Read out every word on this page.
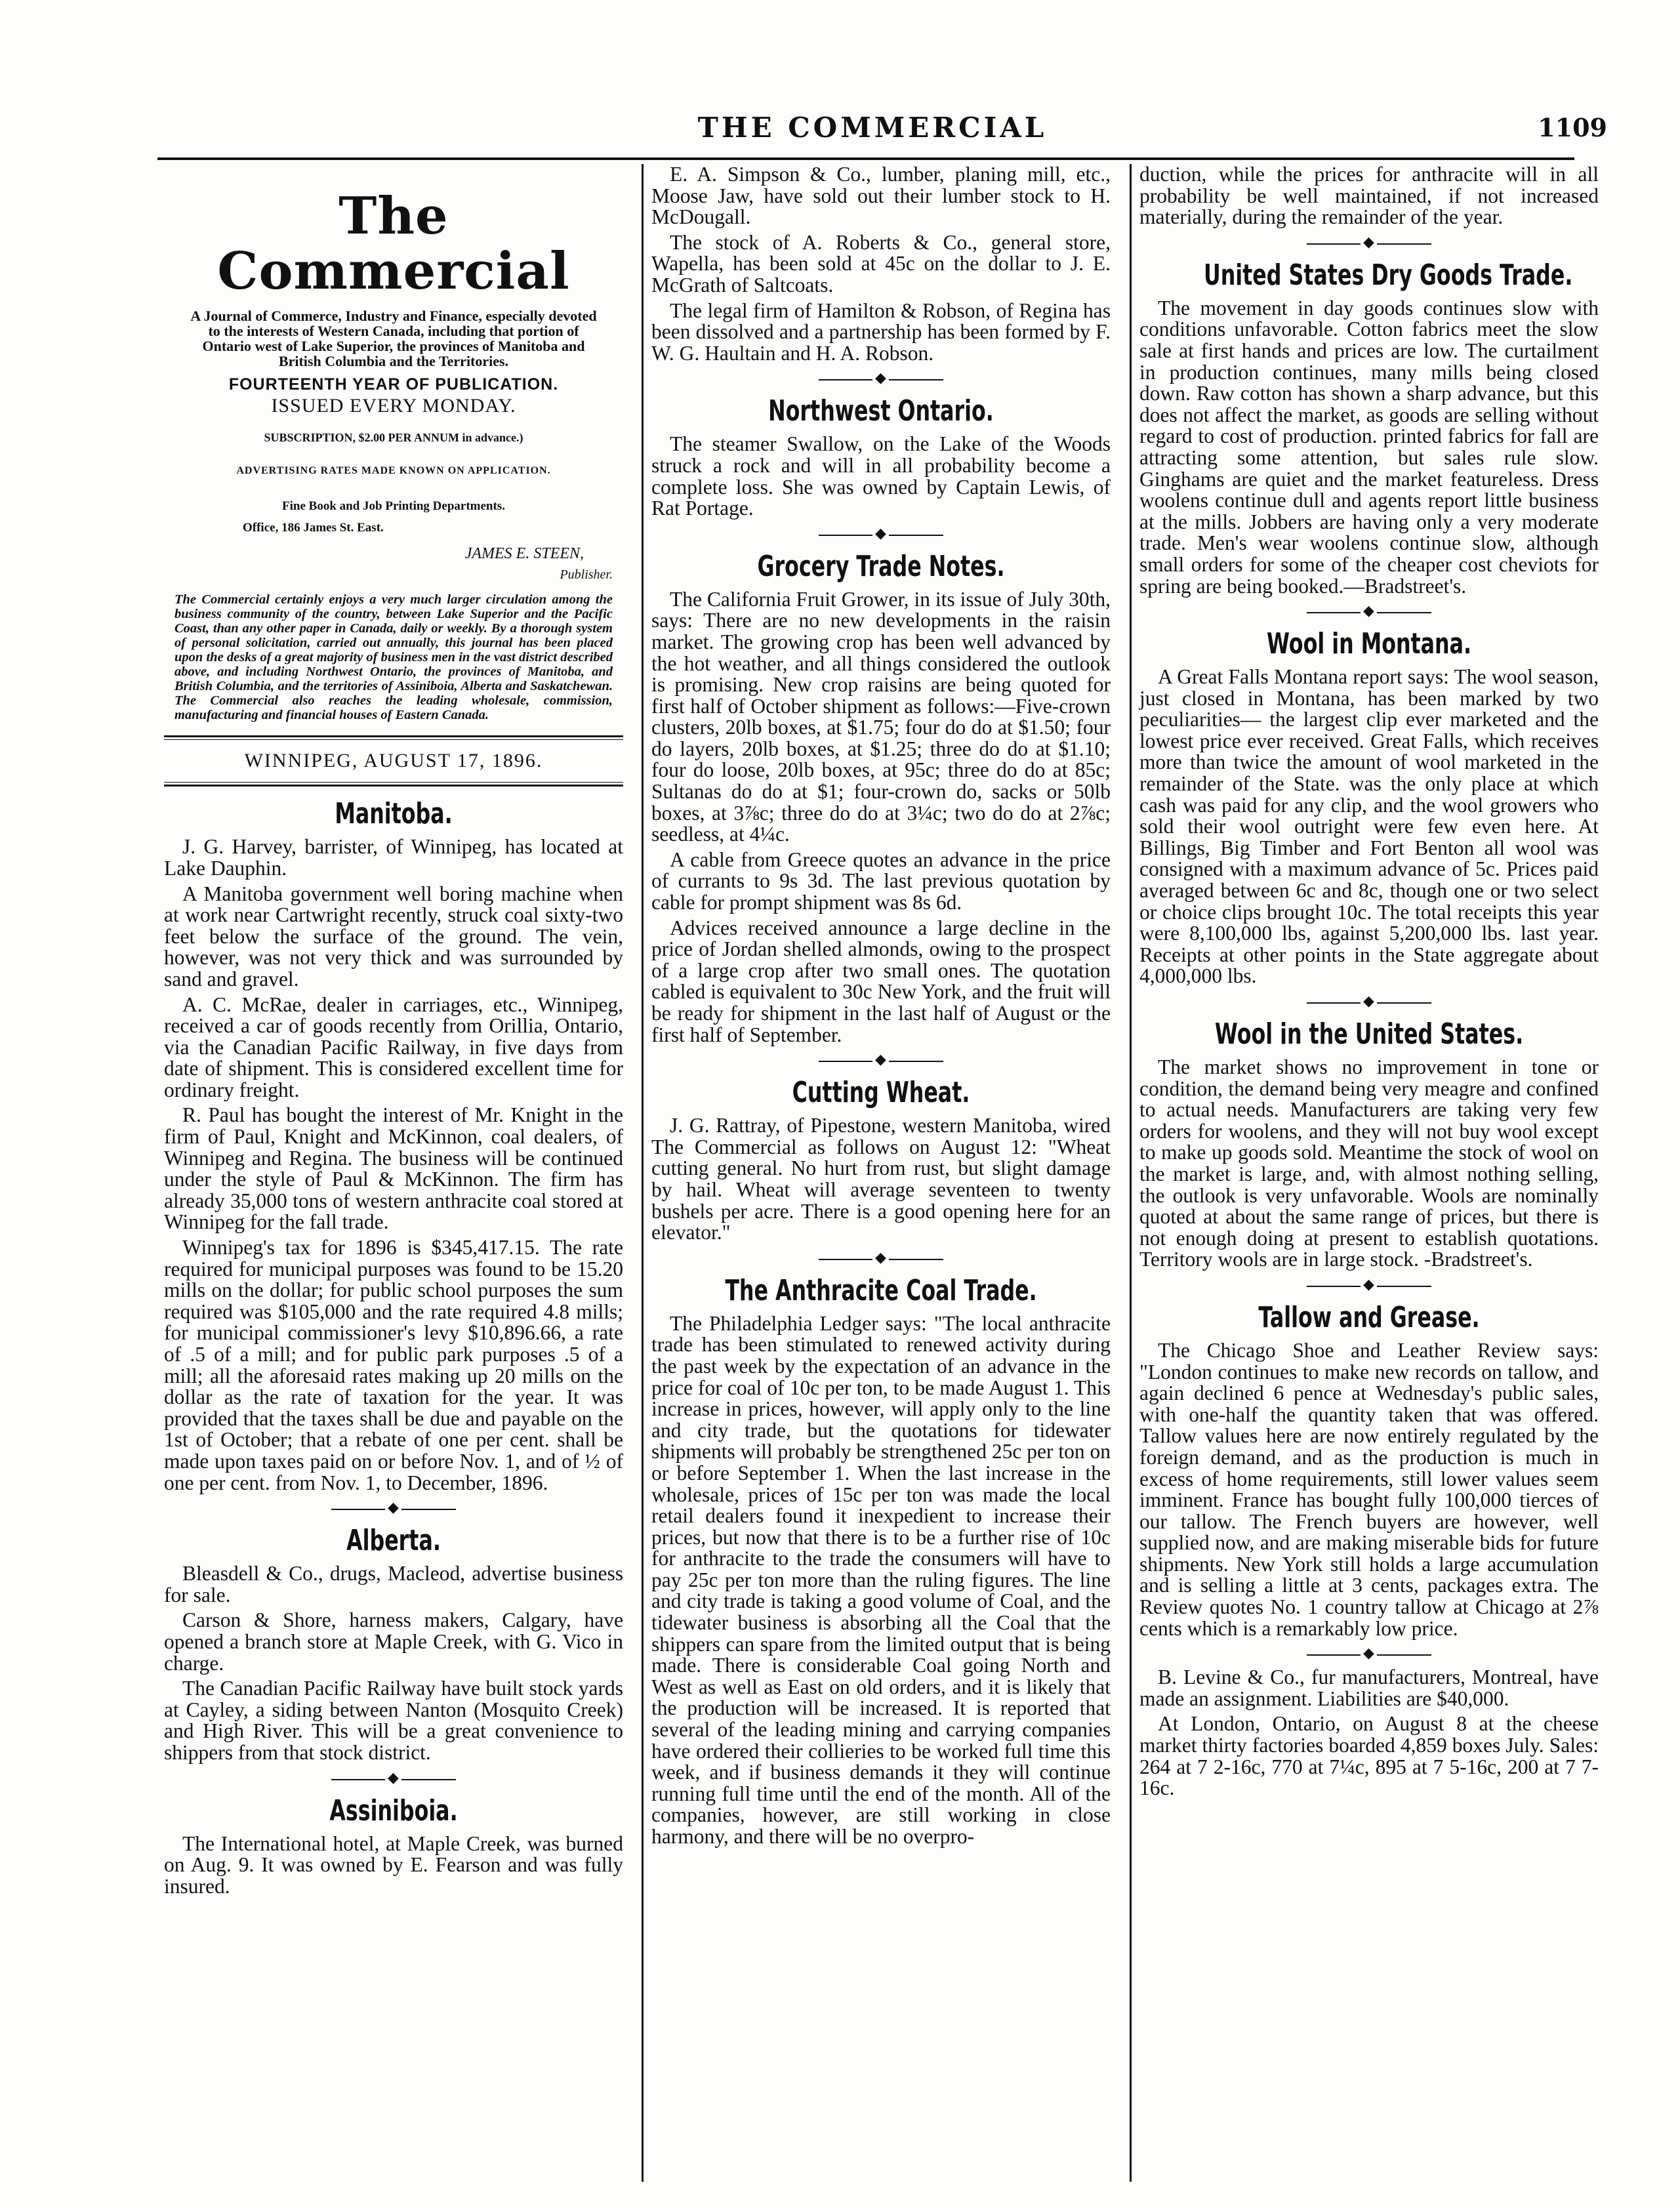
THE COMMERCIAL	1109
The Commercial
A Journal of Commerce, Industry and Finance, especially devoted to the interests of Western Canada, including that portion of Ontario west of Lake Superior, the provinces of Manitoba and British Columbia and the Territories.
FOURTEENTH YEAR OF PUBLICATION.
ISSUED EVERY MONDAY.
SUBSCRIPTION, $2.00 PER ANNUM in advance.)
ADVERTISING RATES MADE KNOWN ON APPLICATION.
Fine Book and Job Printing Departments.
Office, 186 James St. East.
JAMES E. STEEN,
Publisher.
The Commercial certainly enjoys a very much larger circulation among the business community of the country, between Lake Superior and the Pacific Coast, than any other paper in Canada, daily or weekly. By a thorough system of personal solicitation, carried out annually, this journal has been placed upon the desks of a great majority of business men in the vast district described above, and including Northwest Ontario, the provinces of Manitoba, and British Columbia, and the territories of Assiniboia, Alberta and Saskatchewan. The Commercial also reaches the leading wholesale, commission, manufacturing and financial houses of Eastern Canada.
WINNIPEG, AUGUST 17, 1896.
Manitoba.

J. G. Harvey, barrister, of Winnipeg, has located at Lake Dauphin.

A Manitoba government well boring machine when at work near Cartwright recently, struck coal sixty-two feet below the surface of the ground. The vein, however, was not very thick and was surrounded by sand and gravel.

A. C. McRae, dealer in carriages, etc., Winnipeg, received a car of goods recently from Orillia, Ontario, via the Canadian Pacific Railway, in five days from date of shipment. This is considered excellent time for ordinary freight.

R. Paul has bought the interest of Mr. Knight in the firm of Paul, Knight and McKinnon, coal dealers, of Winnipeg and Regina. The business will be continued under the style of Paul & McKinnon. The firm has already 35,000 tons of western anthracite coal stored at Winnipeg for the fall trade.

Winnipeg's tax for 1896 is $345,417.15. The rate required for municipal purposes was found to be 15.20 mills on the dollar; for public school purposes the sum required was $105,000 and the rate required 4.8 mills; for municipal commissioner's levy $10,896.66, a rate of .5 of a mill; and for public park purposes .5 of a mill; all the aforesaid rates making up 20 mills on the dollar as the rate of taxation for the year. It was provided that the taxes shall be due and payable on the 1st of October; that a rebate of one per cent. shall be made upon taxes paid on or before Nov. 1, and of ½ of one per cent. from Nov. 1, to December, 1896.

◆
Alberta.

Bleasdell & Co., drugs, Macleod, advertise business for sale.

Carson & Shore, harness makers, Calgary, have opened a branch store at Maple Creek, with G. Vico in charge.

The Canadian Pacific Railway have built stock yards at Cayley, a siding between Nanton (Mosquito Creek) and High River. This will be a great convenience to shippers from that stock district.

◆
Assiniboia.

The International hotel, at Maple Creek, was burned on Aug. 9. It was owned by E. Fearson and was fully insured.

E. A. Simpson & Co., lumber, planing mill, etc., Moose Jaw, have sold out their lumber stock to H. McDougall.

The stock of A. Roberts & Co., general store, Wapella, has been sold at 45c on the dollar to J. E. McGrath of Saltcoats.

The legal firm of Hamilton & Robson, of Regina has been dissolved and a partnership has been formed by F. W. G. Haultain and H. A. Robson.

◆
Northwest Ontario.

The steamer Swallow, on the Lake of the Woods struck a rock and will in all probability become a complete loss. She was owned by Captain Lewis, of Rat Portage.

◆
Grocery Trade Notes.

The California Fruit Grower, in its issue of July 30th, says: There are no new developments in the raisin market. The growing crop has been well advanced by the hot weather, and all things considered the outlook is promising. New crop raisins are being quoted for first half of October shipment as follows:—Five-crown clusters, 20lb boxes, at $1.75; four do do at $1.50; four do layers, 20lb boxes, at $1.25; three do do at $1.10; four do loose, 20lb boxes, at 95c; three do do at 85c; Sultanas do do at $1; four-crown do, sacks or 50lb boxes, at 3⅞c; three do do at 3¼c; two do do at 2⅞c; seedless, at 4¼c.

A cable from Greece quotes an advance in the price of currants to 9s 3d. The last previous quotation by cable for prompt shipment was 8s 6d.

Advices received announce a large decline in the price of Jordan shelled almonds, owing to the prospect of a large crop after two small ones. The quotation cabled is equivalent to 30c New York, and the fruit will be ready for shipment in the last half of August or the first half of September.

◆
Cutting Wheat.

J. G. Rattray, of Pipestone, western Manitoba, wired The Commercial as follows on August 12: "Wheat cutting general. No hurt from rust, but slight damage by hail. Wheat will average seventeen to twenty bushels per acre. There is a good opening here for an elevator."

◆
The Anthracite Coal Trade.

The Philadelphia Ledger says: "The local anthracite trade has been stimulated to renewed activity during the past week by the expectation of an advance in the price for coal of 10c per ton, to be made August 1. This increase in prices, however, will apply only to the line and city trade, but the quotations for tidewater shipments will probably be strengthened 25c per ton on or before September 1. When the last increase in the wholesale, prices of 15c per ton was made the local retail dealers found it inexpedient to increase their prices, but now that there is to be a further rise of 10c for anthracite to the trade the consumers will have to pay 25c per ton more than the ruling figures. The line and city trade is taking a good volume of Coal, and the tidewater business is absorbing all the Coal that the shippers can spare from the limited output that is being made. There is considerable Coal going North and West as well as East on old orders, and it is likely that the production will be increased. It is reported that several of the leading mining and carrying companies have ordered their collieries to be worked full time this week, and if business demands it they will continue running full time until the end of the month. All of the companies, however, are still working in close harmony, and there will be no overpro-

duction, while the prices for anthracite will in all probability be well maintained, if not increased materially, during the remainder of the year.

◆
United States Dry Goods Trade.

The movement in day goods continues slow with conditions unfavorable. Cotton fabrics meet the slow sale at first hands and prices are low. The curtailment in production continues, many mills being closed down. Raw cotton has shown a sharp advance, but this does not affect the market, as goods are selling without regard to cost of production. printed fabrics for fall are attracting some attention, but sales rule slow. Ginghams are quiet and the market featureless. Dress woolens continue dull and agents report little business at the mills. Jobbers are having only a very moderate trade. Men's wear woolens continue slow, although small orders for some of the cheaper cost cheviots for spring are being booked.—Bradstreet's.

◆
Wool in Montana.

A Great Falls Montana report says: The wool season, just closed in Montana, has been marked by two peculiarities— the largest clip ever marketed and the lowest price ever received. Great Falls, which receives more than twice the amount of wool marketed in the remainder of the State. was the only place at which cash was paid for any clip, and the wool growers who sold their wool outright were few even here. At Billings, Big Timber and Fort Benton all wool was consigned with a maximum advance of 5c. Prices paid averaged between 6c and 8c, though one or two select or choice clips brought 10c. The total receipts this year were 8,100,000 lbs, against 5,200,000 lbs. last year. Receipts at other points in the State aggregate about 4,000,000 lbs.

◆
Wool in the United States.

The market shows no improvement in tone or condition, the demand being very meagre and confined to actual needs. Manufacturers are taking very few orders for woolens, and they will not buy wool except to make up goods sold. Meantime the stock of wool on the market is large, and, with almost nothing selling, the outlook is very unfavorable. Wools are nominally quoted at about the same range of prices, but there is not enough doing at present to establish quotations. Territory wools are in large stock. -Bradstreet's.

◆
Tallow and Grease.

The Chicago Shoe and Leather Review says: "London continues to make new records on tallow, and again declined 6 pence at Wednesday's public sales, with one-half the quantity taken that was offered. Tallow values here are now entirely regulated by the foreign demand, and as the production is much in excess of home requirements, still lower values seem imminent. France has bought fully 100,000 tierces of our tallow. The French buyers are however, well supplied now, and are making miserable bids for future shipments. New York still holds a large accumulation and is selling a little at 3 cents, packages extra. The Review quotes No. 1 country tallow at Chicago at 2⅞ cents which is a remarkably low price.

◆

B. Levine & Co., fur manufacturers, Montreal, have made an assignment. Liabilities are $40,000.

At London, Ontario, on August 8 at the cheese market thirty factories boarded 4,859 boxes July. Sales: 264 at 7 2-16c, 770 at 7¼c, 895 at 7 5-16c, 200 at 7 7-16c.
